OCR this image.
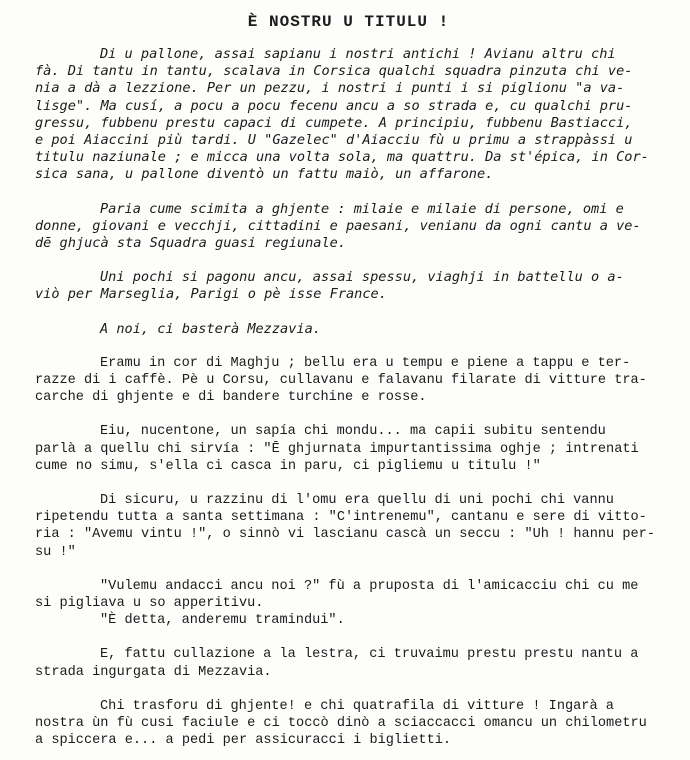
È NOSTRU U TITULU !
Di u pallone, assai sapianu i nostri antichi ! Avianu altru chi
fà. Di tantu in tantu, scalava in Corsica qualchi squadra pinzuta chi ve-
nia a dà a lezzione. Per un pezzu, i nostri i punti i si piglionu "a va-
lisge". Ma cusí, a pocu a pocu fecenu ancu a so strada e, cu qualchi pru-
gressu, fubbenu prestu capaci di cumpete. A principiu, fubbenu Bastiacci,
e poi Aiaccini più tardi. U "Gazelec" d'Aiacciu fù u primu a strappàssi u
titulu naziunale ; e micca una volta sola, ma quattru. Da st'épica, in Cor-
sica sana, u pallone diventò un fattu maiò, un affarone.
Paria cume scimita a ghjente : milaie e milaie di persone, omi e
donne, giovani e vecchji, cittadini e paesani, venianu da ogni cantu a ve-
dē ghjucà sta Squadra guasi regiunale.
Uni pochi si pagonu ancu, assai spessu, viaghji in battellu o a-
viò per Marseglia, Parigi o pè isse France.
A noi, ci basterà Mezzavia.
Eramu in cor di Maghju ; bellu era u tempu e piene a tappu e ter-
razze di i caffè. Pè u Corsu, cullavanu e falavanu filarate di vitture tra-
carche di ghjente e di bandere turchine e rosse.
Eiu, nucentone, un sapía chi mondu... ma capii subitu sentendu
parlà a quellu chi sirvía : "Ē ghjurnata impurtantissima oghje ; intrenati
cume no simu, s'ella ci casca in paru, ci pigliemu u titulu !"
Di sicuru, u razzinu di l'omu era quellu di uni pochi chi vannu
ripetendu tutta a santa settimana : "C'intrenemu", cantanu e sere di vitto-
ria : "Avemu vintu !", o sinnò vi lascianu cascà un seccu : "Uh ! hannu per-
su !"
"Vulemu andacci ancu noi ?" fù a pruposta di l'amicacciu chi cu me
si pigliava u so apperitivu.
"È detta, anderemu tramindui".
E, fattu cullazione a la lestra, ci truvaimu prestu prestu nantu a
strada ingurgata di Mezzavia.
Chi trasforu di ghjente! e chi quatrafila di vitture ! Ingarà a
nostra ùn fù cusi faciule e ci toccò dinò a sciaccacci omancu un chilometru
a spiccera e... a pedi per assicuracci i biglietti.
